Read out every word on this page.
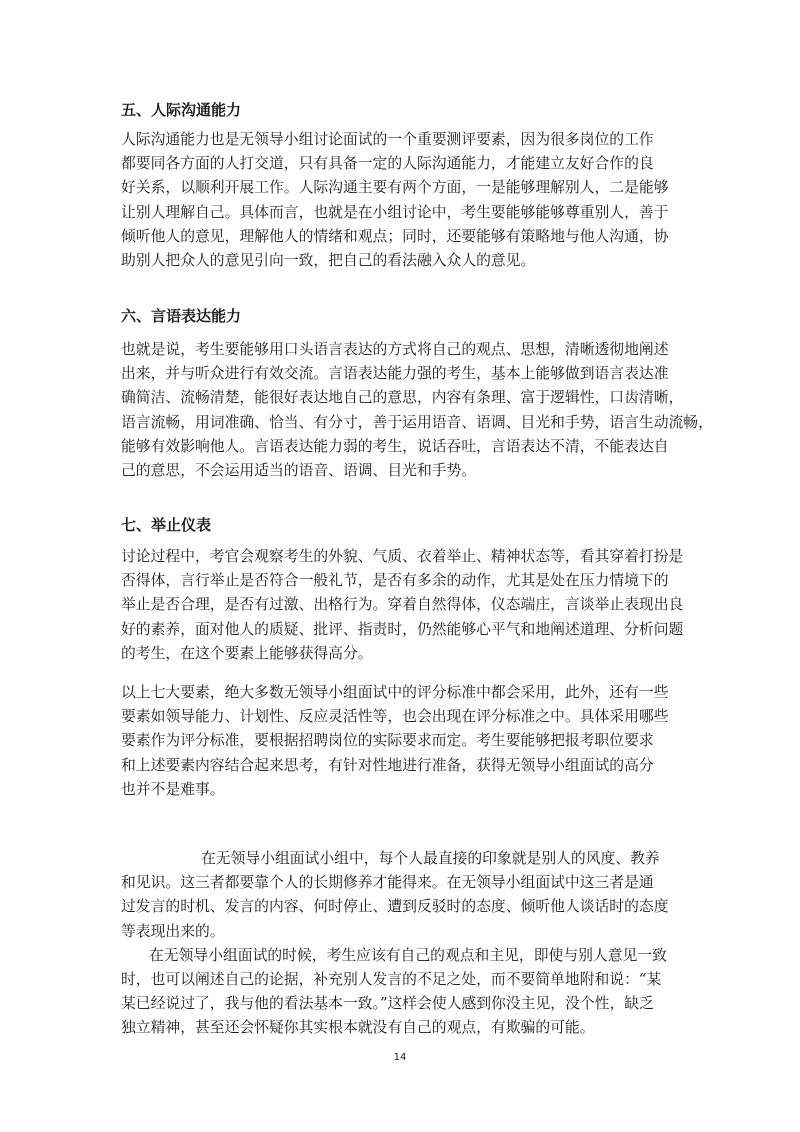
五、人际沟通能力
人际沟通能力也是无领导小组讨论面试的一个重要测评要素，因为很多岗位的工作
都要同各方面的人打交道，只有具备一定的人际沟通能力，才能建立友好合作的良
好关系，以顺利开展工作。人际沟通主要有两个方面，一是能够理解别人，二是能够
让别人理解自己。具体而言，也就是在小组讨论中，考生要能够能够尊重别人，善于
倾听他人的意见，理解他人的情绪和观点；同时，还要能够有策略地与他人沟通，协
助别人把众人的意见引向一致，把自己的看法融入众人的意见。
六、言语表达能力
也就是说，考生要能够用口头语言表达的方式将自己的观点、思想，清晰透彻地阐述
出来，并与听众进行有效交流。言语表达能力强的考生，基本上能够做到语言表达准
确简洁、流畅清楚，能很好表达地自己的意思，内容有条理、富于逻辑性，口齿清晰，
语言流畅，用词准确、恰当、有分寸，善于运用语音、语调、目光和手势，语言生动流畅，
能够有效影响他人。言语表达能力弱的考生，说话吞吐，言语表达不清，不能表达自
己的意思，不会运用适当的语音、语调、目光和手势。
七、举止仪表
讨论过程中，考官会观察考生的外貌、气质、衣着举止、精神状态等，看其穿着打扮是
否得体，言行举止是否符合一般礼节，是否有多余的动作，尤其是处在压力情境下的
举止是否合理，是否有过激、出格行为。穿着自然得体，仪态端庄，言谈举止表现出良
好的素养，面对他人的质疑、批评、指责时，仍然能够心平气和地阐述道理、分析问题
的考生，在这个要素上能够获得高分。
以上七大要素，绝大多数无领导小组面试中的评分标准中都会采用，此外，还有一些
要素如领导能力、计划性、反应灵活性等，也会出现在评分标准之中。具体采用哪些
要素作为评分标准，要根据招聘岗位的实际要求而定。考生要能够把报考职位要求
和上述要素内容结合起来思考，有针对性地进行准备，获得无领导小组面试的高分
也并不是难事。
在无领导小组面试小组中，每个人最直接的印象就是别人的风度、教养
和见识。这三者都要靠个人的长期修养才能得来。在无领导小组面试中这三者是通
过发言的时机、发言的内容、何时停止、遭到反驳时的态度、倾听他人谈话时的态度
等表现出来的。
在无领导小组面试的时候，考生应该有自己的观点和主见，即使与别人意见一致
时，也可以阐述自己的论据，补充别人发言的不足之处，而不要简单地附和说：“某
某已经说过了，我与他的看法基本一致。”这样会使人感到你没主见，没个性，缺乏
独立精神，甚至还会怀疑你其实根本就没有自己的观点，有欺骗的可能。
14
